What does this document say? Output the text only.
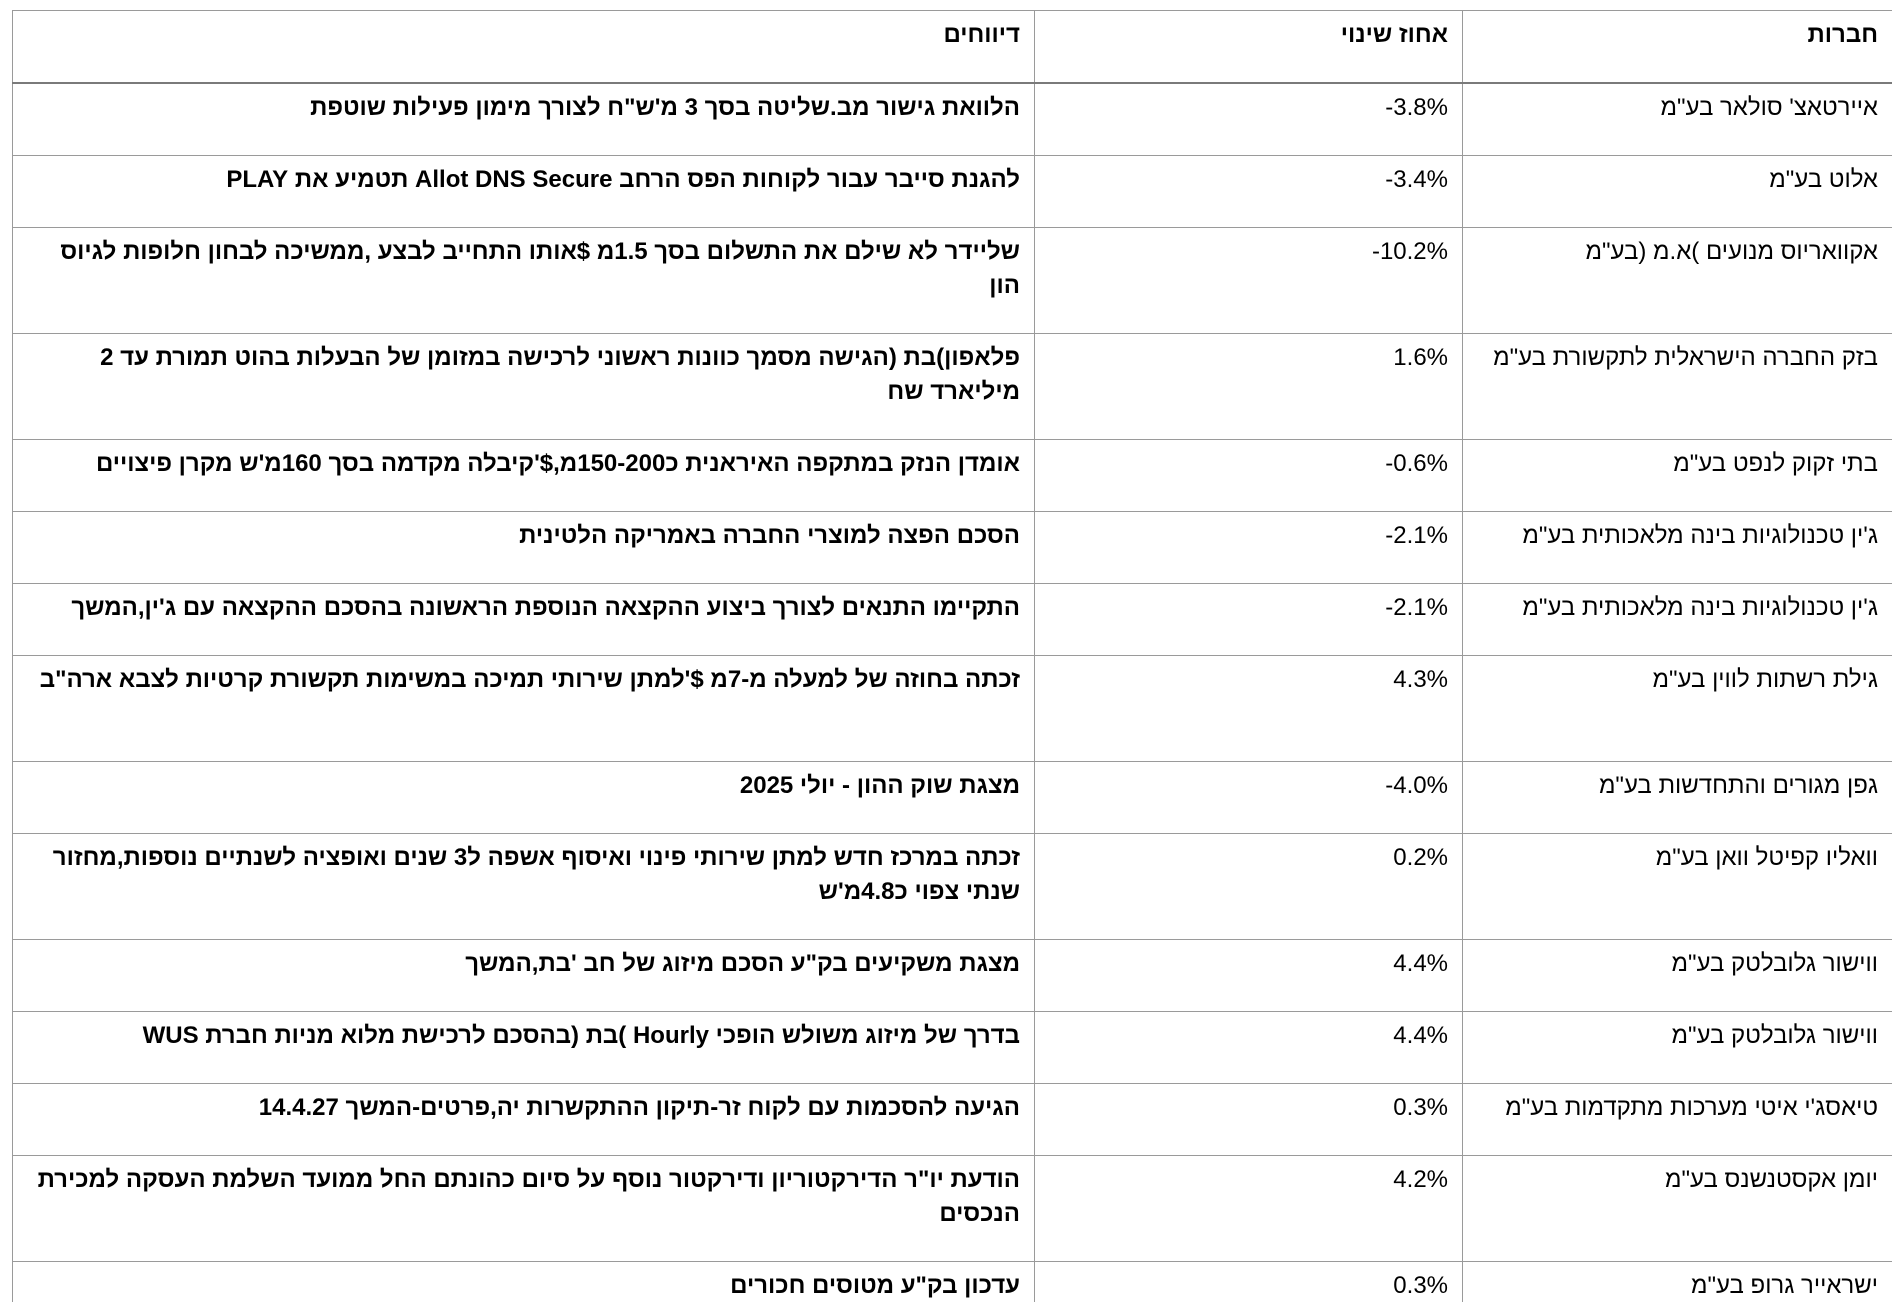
חברות	אחוז שינוי	דיווחים
איירטאצ' סולאר בע"מ	-3.8%	הלוואת גישור מב.שליטה בסך 3 מ'ש"ח לצורך מימון פעילות שוטפת
אלוט בע"מ	-3.4%	להגנת סייבר עבור לקוחות הפס הרחב Allot DNS Secure תטמיע את PLAY
אקוואריוס מנועים )א.מ (בע"מ	-10.2%	שליידר לא שילם את התשלום בסך 1.5מ $אותו התחייב לבצע ,ממשיכה לבחון חלופות לגיוס הון
בזק החברה הישראלית לתקשורת בע"מ	1.6%	פלאפון)בת (הגישה מסמך כוונות ראשוני לרכישה במזומן של הבעלות בהוט תמורת עד 2 מיליארד שח
בתי זקוק לנפט בע"מ	-0.6%	אומדן הנזק במתקפה האיראנית כ150-200מ,$'קיבלה מקדמה בסך 160מ'ש מקרן פיצויים
ג'ין טכנולוגיות בינה מלאכותית בע"מ	-2.1%	הסכם הפצה למוצרי החברה באמריקה הלטינית
ג'ין טכנולוגיות בינה מלאכותית בע"מ	-2.1%	התקיימו התנאים לצורך ביצוע ההקצאה הנוספת הראשונה בהסכם ההקצאה עם ג'ין,המשך
גילת רשתות לווין בע"מ	4.3%	זכתה בחוזה של למעלה מ-7מ $'למתן שירותי תמיכה במשימות תקשורת קרטיות לצבא ארה"ב
גפן מגורים והתחדשות בע"מ	-4.0%	מצגת שוק ההון - יולי 2025
וואליו קפיטל וואן בע"מ	0.2%	זכתה במרכז חדש למתן שירותי פינוי ואיסוף אשפה ל3 שנים ואופציה לשנתיים נוספות,מחזור שנתי צפוי כ4.8מ'ש
ווישור גלובלטק בע"מ	4.4%	מצגת משקיעים בק"ע הסכם מיזוג של חב 'בת,המשך
ווישור גלובלטק בע"מ	4.4%	בדרך של מיזוג משולש הופכי Hourly )בת (בהסכם לרכישת מלוא מניות חברת WUS
טיאסג'י איטי מערכות מתקדמות בע"מ	0.3%	הגיעה להסכמות עם לקוח זר-תיקון ההתקשרות יה,פרטים-המשך 14.4.27
יומן אקסטנשנס בע"מ	4.2%	הודעת יו"ר הדירקטוריון ודירקטור נוסף על סיום כהונתם החל ממועד השלמת העסקה למכירת הנכסים
ישראייר גרופ בע"מ	0.3%	עדכון בק"ע מטוסים חכורים
